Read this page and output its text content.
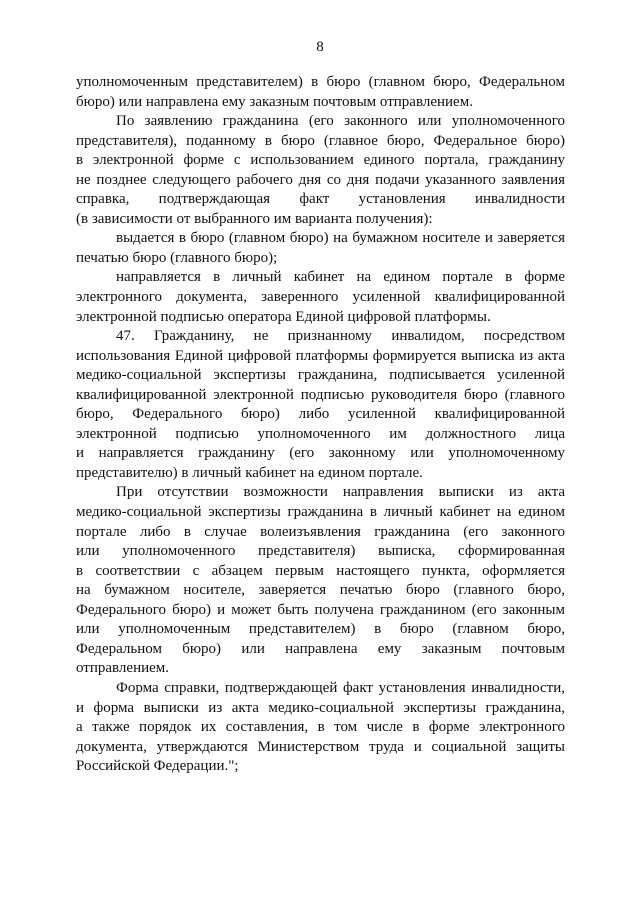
8
уполномоченным представителем) в бюро (главном бюро, Федеральном
бюро) или направлена ему заказным почтовым отправлением.
По заявлению гражданина (его законного или уполномоченного
представителя), поданному в бюро (главное бюро, Федеральное бюро)
в электронной форме с использованием единого портала, гражданину
не позднее следующего рабочего дня со дня подачи указанного заявления
справка, подтверждающая факт установления инвалидности
(в зависимости от выбранного им варианта получения):
выдается в бюро (главном бюро) на бумажном носителе и заверяется
печатью бюро (главного бюро);
направляется в личный кабинет на едином портале в форме
электронного документа, заверенного усиленной квалифицированной
электронной подписью оператора Единой цифровой платформы.
47. Гражданину, не признанному инвалидом, посредством
использования Единой цифровой платформы формируется выписка из акта
медико-социальной экспертизы гражданина, подписывается усиленной
квалифицированной электронной подписью руководителя бюро (главного
бюро, Федерального бюро) либо усиленной квалифицированной
электронной подписью уполномоченного им должностного лица
и направляется гражданину (его законному или уполномоченному
представителю) в личный кабинет на едином портале.
При отсутствии возможности направления выписки из акта
медико-социальной экспертизы гражданина в личный кабинет на едином
портале либо в случае волеизъявления гражданина (его законного
или уполномоченного представителя) выписка, сформированная
в соответствии с абзацем первым настоящего пункта, оформляется
на бумажном носителе, заверяется печатью бюро (главного бюро,
Федерального бюро) и может быть получена гражданином (его законным
или уполномоченным представителем) в бюро (главном бюро,
Федеральном бюро) или направлена ему заказным почтовым
отправлением.
Форма справки, подтверждающей факт установления инвалидности,
и форма выписки из акта медико-социальной экспертизы гражданина,
а также порядок их составления, в том числе в форме электронного
документа, утверждаются Министерством труда и социальной защиты
Российской Федерации.";
